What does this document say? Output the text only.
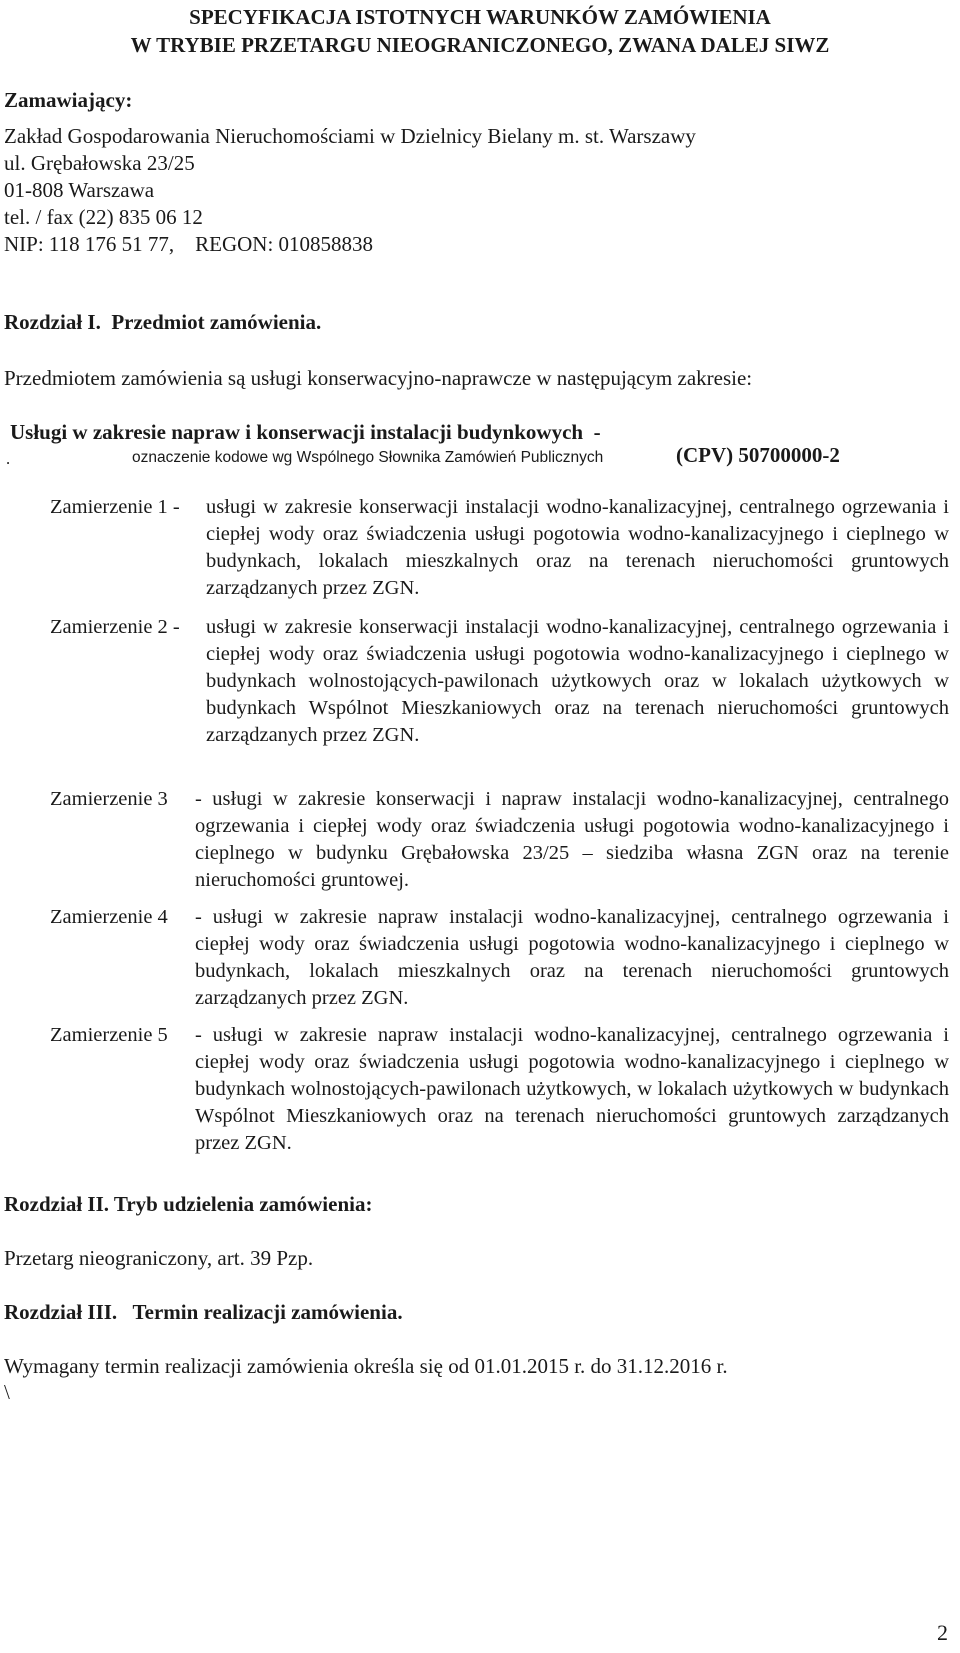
SPECYFIKACJA ISTOTNYCH WARUNKÓW ZAMÓWIENIA
W TRYBIE PRZETARGU NIEOGRANICZONEGO, ZWANA DALEJ SIWZ
Zamawiający:
Zakład Gospodarowania Nieruchomościami w Dzielnicy Bielany m. st. Warszawy
ul. Grębałowska 23/25
01-808 Warszawa
tel. / fax (22) 835 06 12
NIP: 118 176 51 77,    REGON: 010858838
Rozdział I.  Przedmiot zamówienia.
Przedmiotem zamówienia są usługi konserwacyjno-naprawcze w następującym zakresie:
Usługi w zakresie napraw i konserwacji instalacji budynkowych  -
.	oznaczenie kodowe wg Wspólnego Słownika Zamówień Publicznych	(CPV) 50700000-2
Zamierzenie 1 - usługi w zakresie konserwacji instalacji wodno-kanalizacyjnej, centralnego ogrzewania i ciepłej wody oraz świadczenia usługi pogotowia wodno-kanalizacyjnego i cieplnego w budynkach, lokalach mieszkalnych oraz na terenach nieruchomości gruntowych zarządzanych przez ZGN.
Zamierzenie 2 - usługi w zakresie konserwacji instalacji wodno-kanalizacyjnej, centralnego ogrzewania i ciepłej wody oraz świadczenia usługi pogotowia wodno-kanalizacyjnego i cieplnego w budynkach wolnostojących-pawilonach użytkowych oraz w lokalach użytkowych w budynkach Wspólnot Mieszkaniowych oraz na terenach nieruchomości gruntowych zarządzanych przez ZGN.
Zamierzenie 3 - usługi w zakresie konserwacji i napraw instalacji wodno-kanalizacyjnej, centralnego ogrzewania i ciepłej wody oraz świadczenia usługi pogotowia wodno-kanalizacyjnego i cieplnego w budynku Grębałowska 23/25 – siedziba własna ZGN oraz na terenie nieruchomości gruntowej.
Zamierzenie 4 - usługi w zakresie napraw instalacji wodno-kanalizacyjnej, centralnego ogrzewania i ciepłej wody oraz świadczenia usługi pogotowia wodno-kanalizacyjnego i cieplnego w budynkach, lokalach mieszkalnych oraz na terenach nieruchomości gruntowych zarządzanych przez ZGN.
Zamierzenie 5 - usługi w zakresie napraw instalacji wodno-kanalizacyjnej, centralnego ogrzewania i ciepłej wody oraz świadczenia usługi pogotowia wodno-kanalizacyjnego i cieplnego w budynkach wolnostojących-pawilonach użytkowych, w lokalach użytkowych w budynkach Wspólnot Mieszkaniowych oraz na terenach nieruchomości gruntowych zarządzanych przez ZGN.
Rozdział II. Tryb udzielenia zamówienia:
Przetarg nieograniczony, art. 39 Pzp.
Rozdział III.   Termin realizacji zamówienia.
Wymagany termin realizacji zamówienia określa się od 01.01.2015 r. do 31.12.2016 r.
\
2
